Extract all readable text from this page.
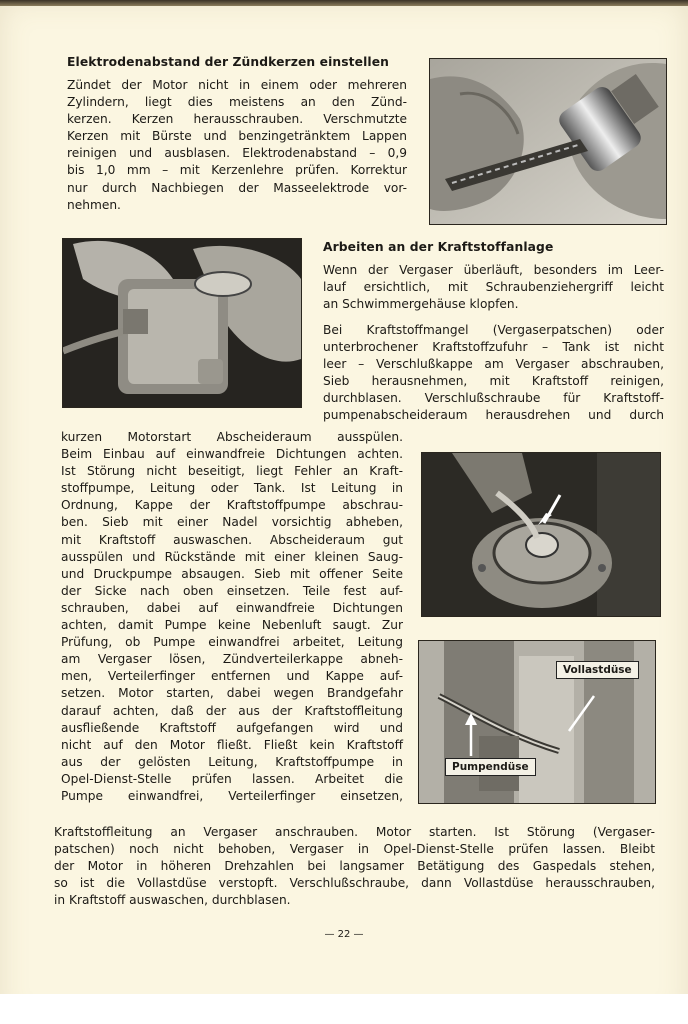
Elektrodenabstand der Zündkerzen einstellen
Zündet der Motor nicht in einem oder mehreren
Zylindern, liegt dies meistens an den Zünd-
kerzen. Kerzen herausschrauben. Verschmutzte
Kerzen mit Bürste und benzingetränktem Lappen
reinigen und ausblasen. Elektrodenabstand – 0,9
bis 1,0 mm – mit Kerzenlehre prüfen. Korrektur
nur durch Nachbiegen der Masseelektrode vor-
nehmen.
Arbeiten an der Kraftstoffanlage
Wenn der Vergaser überläuft, besonders im Leer-
lauf ersichtlich, mit Schraubenziehergriff leicht
an Schwimmergehäuse klopfen.
Bei Kraftstoffmangel (Vergaserpatschen) oder
unterbrochener Kraftstoffzufuhr – Tank ist nicht
leer – Verschlußkappe am Vergaser abschrauben,
Sieb herausnehmen, mit Kraftstoff reinigen,
durchblasen. Verschlußschraube für Kraftstoff-
pumpenabscheideraum herausdrehen und durch
kurzen Motorstart Abscheideraum ausspülen.
Beim Einbau auf einwandfreie Dichtungen achten.
Ist Störung nicht beseitigt, liegt Fehler an Kraft-
stoffpumpe, Leitung oder Tank. Ist Leitung in
Ordnung, Kappe der Kraftstoffpumpe abschrau-
ben. Sieb mit einer Nadel vorsichtig abheben,
mit Kraftstoff auswaschen. Abscheideraum gut
ausspülen und Rückstände mit einer kleinen Saug-
und Druckpumpe absaugen. Sieb mit offener Seite
der Sicke nach oben einsetzen. Teile fest auf-
schrauben, dabei auf einwandfreie Dichtungen
achten, damit Pumpe keine Nebenluft saugt. Zur
Prüfung, ob Pumpe einwandfrei arbeitet, Leitung
am Vergaser lösen, Zündverteilerkappe abneh-
men, Verteilerfinger entfernen und Kappe auf-
setzen. Motor starten, dabei wegen Brandgefahr
darauf achten, daß der aus der Kraftstoffleitung
ausfließende Kraftstoff aufgefangen wird und
nicht auf den Motor fließt. Fließt kein Kraftstoff
aus der gelösten Leitung, Kraftstoffpumpe in
Opel-Dienst-Stelle prüfen lassen. Arbeitet die
Pumpe einwandfrei, Verteilerfinger einsetzen,
Vollastdüse
Pumpendüse
Kraftstoffleitung an Vergaser anschrauben. Motor starten. Ist Störung (Vergaser-
patschen) noch nicht behoben, Vergaser in Opel-Dienst-Stelle prüfen lassen. Bleibt
der Motor in höheren Drehzahlen bei langsamer Betätigung des Gaspedals stehen,
so ist die Vollastdüse verstopft. Verschlußschraube, dann Vollastdüse herausschrauben,
in Kraftstoff auswaschen, durchblasen.
— 22 —
